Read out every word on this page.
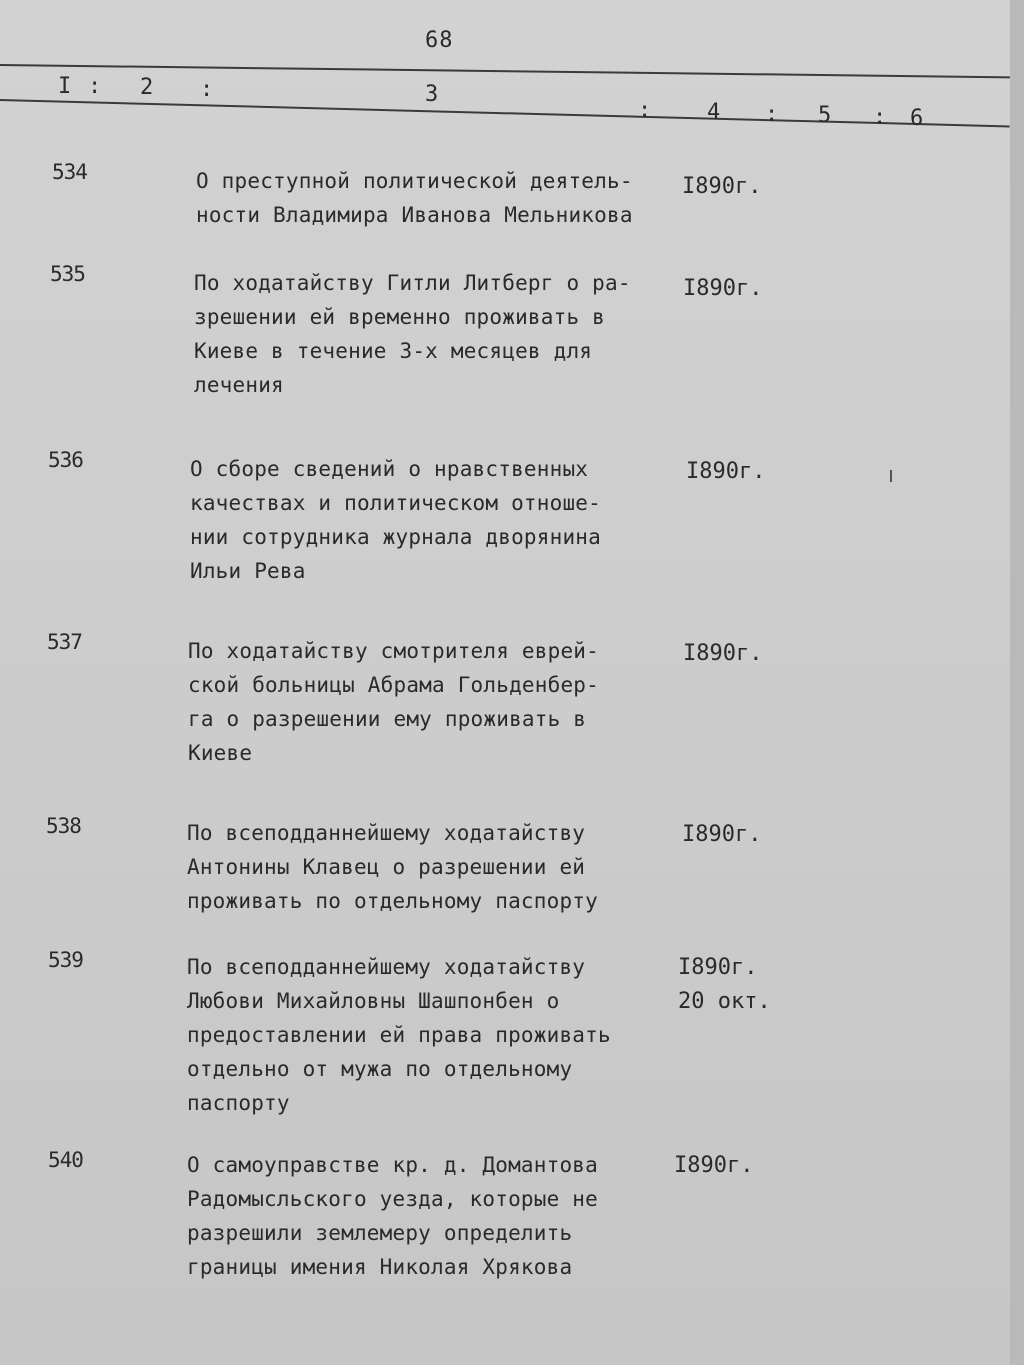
68
I : 2 :	3
:	4 : 5 : 6
534	О преступной политической деятель-
ности Владимира Иванова Мельникова
I890г.
535	По ходатайству Гитли Литберг о ра-
зрешении ей временно проживать в
Киеве в течение 3-х месяцев для
лечения
I890г.
536	О сборе сведений о нравственных
качествах и политическом отноше-
нии сотрудника журнала дворянина
Ильи Рева
I890г.
537	По ходатайству смотрителя еврей-
ской больницы Абрама Гольденбер-
га о разрешении ему проживать в
Киеве
I890г.
538	По всеподданнейшему ходатайству
Антонины Клавец о разрешении ей
проживать по отдельному паспорту
I890г.
539	По всеподданнейшему ходатайству
Любови Михайловны Шашпонбен о
предоставлении ей права проживать
отдельно от мужа по отдельному
паспорту
I890г.
20 окт.
540	О самоуправстве кр. д. Домантова
Радомысльского уезда, которые не
разрешили землемеру определить
границы имения Николая Хрякова
I890г.
